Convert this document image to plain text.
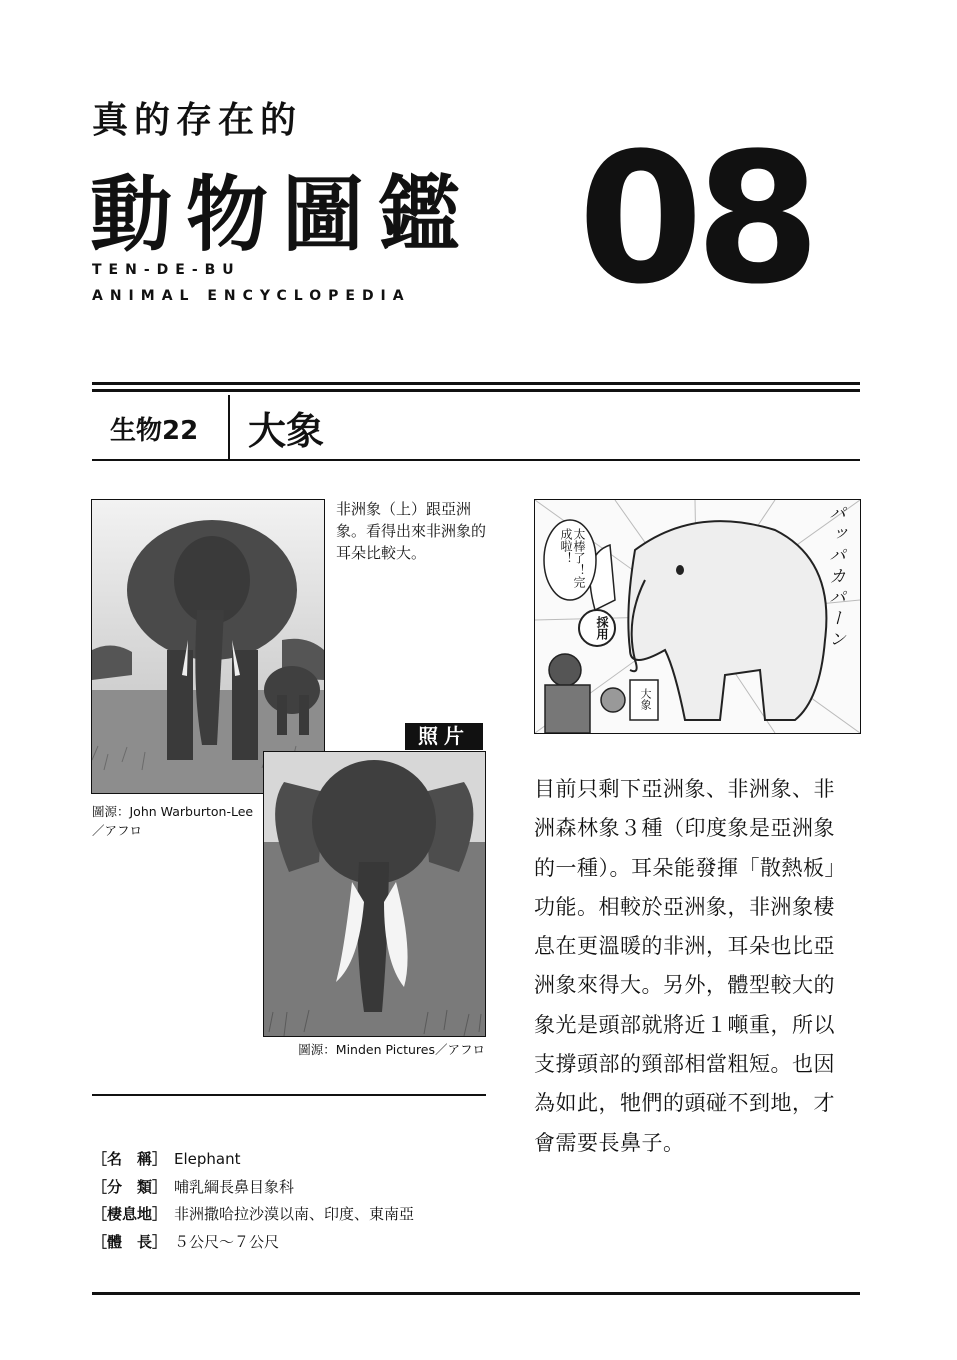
真的存在的
動物圖鑑
TEN-DE-BU
ANIMAL ENCYCLOPEDIA 08
生物22 大象
非洲象（上）跟亞洲象。看得出來非洲象的耳朵比較大。
圖源：John Warburton-Lee／アフロ
照片
圖源：Minden Pictures／アフロ
［名　稱］ Elephant
［分　類］ 哺乳綱長鼻目象科
［棲息地］ 非洲撒哈拉沙漠以南、印度、東南亞
［體　長］ ５公尺～７公尺
太棒了！完成啦！
採用
大象
パッパカパーン
目前只剩下亞洲象、非洲象、非洲森林象３種（印度象是亞洲象的一種）。耳朵能發揮「散熱板」功能。相較於亞洲象，非洲象棲息在更溫暖的非洲，耳朵也比亞洲象來得大。另外，體型較大的象光是頭部就將近１噸重，所以支撐頭部的頸部相當粗短。也因為如此，牠們的頭碰不到地，才會需要長鼻子。
